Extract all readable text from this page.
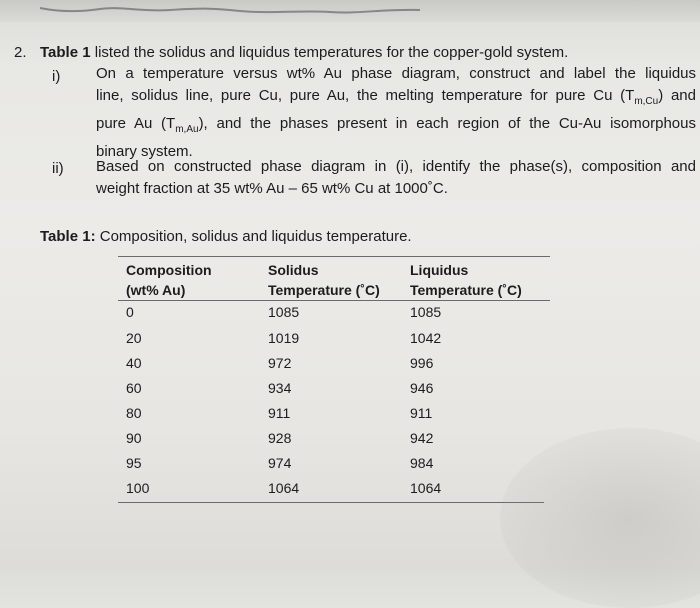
2. Table 1 listed the solidus and liquidus temperatures for the copper-gold system.
i) On a temperature versus wt% Au phase diagram, construct and label the liquidus
line, solidus line, pure Cu, pure Au, the melting temperature for pure Cu $(T_{m,Cu})$ and
pure Au $(T_{m,Au})$, and the phases present in each region of the Cu-Au isomorphous
binary system.
ii) Based on constructed phase diagram in (i), identify the phase(s), composition and
weight fraction at 35 wt% Au – 65 wt% Cu at 1000˚C.
Table 1: Composition, solidus and liquidus temperature.
Composition
(wt% Au)
Solidus
Temperature (˚C)
Liquidus
Temperature (˚C)
0	1085	1085
20	1019	1042
40	972	996
60	934	946
80	911	911
90	928	942
95	974	984
100	1064	1064
